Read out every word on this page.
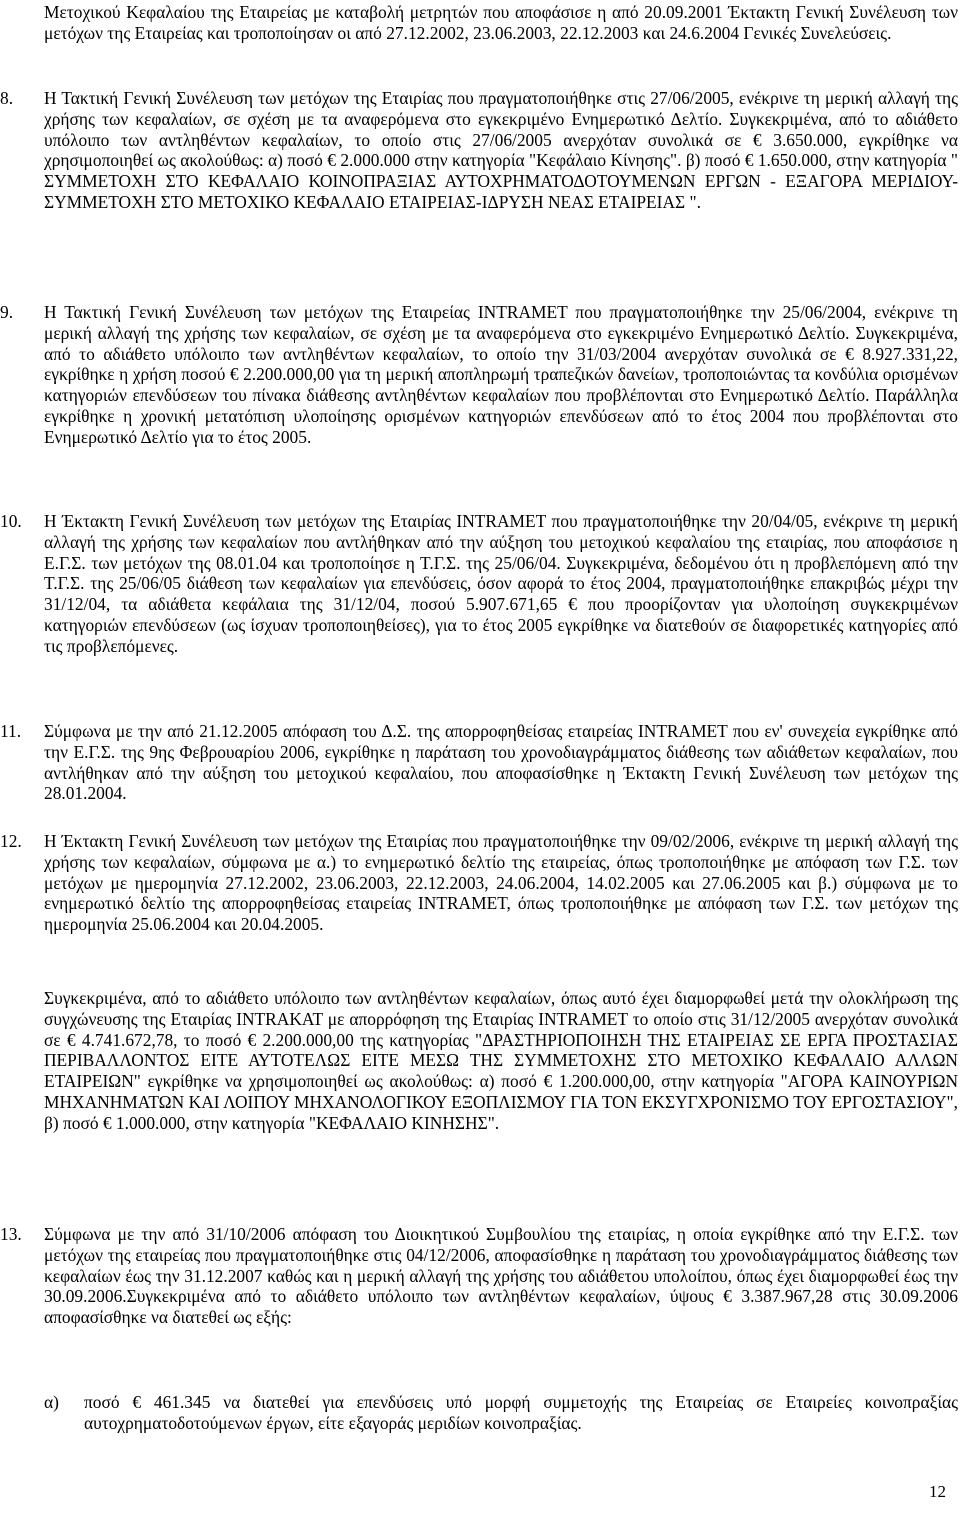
Μετοχικού Κεφαλαίου της Εταιρείας με καταβολή μετρητών που αποφάσισε η από 20.09.2001 Έκτακτη Γενική Συνέλευση των μετόχων της Εταιρείας και τροποποίησαν οι από 27.12.2002, 23.06.2003, 22.12.2003 και 24.6.2004 Γενικές Συνελεύσεις.

8.	Η Τακτική Γενική Συνέλευση των μετόχων της Εταιρίας που πραγματοποιήθηκε στις 27/06/2005, ενέκρινε τη μερική αλλαγή της χρήσης των κεφαλαίων, σε σχέση με τα αναφερόμενα στο εγκεκριμένο Ενημερωτικό Δελτίο. Συγκεκριμένα, από το αδιάθετο υπόλοιπο των αντληθέντων κεφαλαίων, το οποίο στις 27/06/2005 ανερχόταν συνολικά σε € 3.650.000, εγκρίθηκε να χρησιμοποιηθεί ως ακολούθως: α) ποσό € 2.000.000 στην κατηγορία "Κεφάλαιο Κίνησης". β) ποσό € 1.650.000, στην κατηγορία " ΣΥΜΜΕΤΟΧΗ ΣΤΟ ΚΕΦΑΛΑΙΟ ΚΟΙΝΟΠΡΑΞΙΑΣ ΑΥΤΟΧΡΗΜΑΤΟΔΟΤΟΥΜΕΝΩΝ ΕΡΓΩΝ - ΕΞΑΓΟΡΑ ΜΕΡΙΔΙΟΥ-ΣΥΜΜΕΤΟΧΗ ΣΤΟ ΜΕΤΟΧΙΚΟ ΚΕΦΑΛΑΙΟ ΕΤΑΙΡΕΙΑΣ-ΙΔΡΥΣΗ ΝΕΑΣ ΕΤΑΙΡΕΙΑΣ ".

9.	Η Τακτική Γενική Συνέλευση των μετόχων της Εταιρείας INTRAMET που πραγματοποιήθηκε την 25/06/2004, ενέκρινε τη μερική αλλαγή της χρήσης των κεφαλαίων, σε σχέση με τα αναφερόμενα στο εγκεκριμένο Ενημερωτικό Δελτίο. Συγκεκριμένα, από το αδιάθετο υπόλοιπο των αντληθέντων κεφαλαίων, το οποίο την 31/03/2004 ανερχόταν συνολικά σε € 8.927.331,22, εγκρίθηκε η χρήση ποσού € 2.200.000,00 για τη μερική αποπληρωμή τραπεζικών δανείων, τροποποιώντας τα κονδύλια ορισμένων κατηγοριών επενδύσεων του πίνακα διάθεσης αντληθέντων κεφαλαίων που προβλέπονται στο Ενημερωτικό Δελτίο. Παράλληλα εγκρίθηκε η χρονική μετατόπιση υλοποίησης ορισμένων κατηγοριών επενδύσεων από το έτος 2004 που προβλέπονται στο Ενημερωτικό Δελτίο για το έτος 2005.

10.	Η Έκτακτη Γενική Συνέλευση των μετόχων της Εταιρίας INTRAMET που πραγματοποιήθηκε την 20/04/05, ενέκρινε τη μερική αλλαγή της χρήσης των κεφαλαίων που αντλήθηκαν από την αύξηση του μετοχικού κεφαλαίου της εταιρίας, που αποφάσισε η Ε.Γ.Σ. των μετόχων της 08.01.04 και τροποποίησε η Τ.Γ.Σ. της 25/06/04. Συγκεκριμένα, δεδομένου ότι η προβλεπόμενη από την Τ.Γ.Σ. της 25/06/05 διάθεση των κεφαλαίων για επενδύσεις, όσον αφορά το έτος 2004, πραγματοποιήθηκε επακριβώς μέχρι την 31/12/04, τα αδιάθετα κεφάλαια της 31/12/04, ποσού 5.907.671,65 € που προορίζονταν για υλοποίηση συγκεκριμένων κατηγοριών επενδύσεων (ως ίσχυαν τροποποιηθείσες), για το έτος 2005 εγκρίθηκε να διατεθούν σε διαφορετικές κατηγορίες από τις προβλεπόμενες.

11.	Σύμφωνα με την από 21.12.2005 απόφαση του Δ.Σ. της απορροφηθείσας εταιρείας INTRAMET που εν' συνεχεία εγκρίθηκε από την Ε.Γ.Σ. της 9ης Φεβρουαρίου 2006, εγκρίθηκε η παράταση του χρονοδιαγράμματος διάθεσης των αδιάθετων κεφαλαίων, που αντλήθηκαν από την αύξηση του μετοχικού κεφαλαίου, που αποφασίσθηκε η Έκτακτη Γενική Συνέλευση των μετόχων της 28.01.2004.

12.	Η Έκτακτη Γενική Συνέλευση των μετόχων της Εταιρίας που πραγματοποιήθηκε την 09/02/2006, ενέκρινε τη μερική αλλαγή της χρήσης των κεφαλαίων, σύμφωνα με α.) το ενημερωτικό δελτίο της εταιρείας, όπως τροποποιήθηκε με απόφαση των Γ.Σ. των μετόχων με ημερομηνία 27.12.2002, 23.06.2003, 22.12.2003, 24.06.2004, 14.02.2005 και 27.06.2005 και β.) σύμφωνα με το ενημερωτικό δελτίο της απορροφηθείσας εταιρείας INTRAMET, όπως τροποποιήθηκε με απόφαση των Γ.Σ. των μετόχων της ημερομηνία 25.06.2004 και 20.04.2005.

Συγκεκριμένα, από το αδιάθετο υπόλοιπο των αντληθέντων κεφαλαίων, όπως αυτό έχει διαμορφωθεί μετά την ολοκλήρωση της συγχώνευσης της Εταιρίας INTRAKAT με απορρόφηση της Εταιρίας INTRAMET το οποίο στις 31/12/2005 ανερχόταν συνολικά σε € 4.741.672,78, το ποσό € 2.200.000,00 της κατηγορίας "ΔΡΑΣΤΗΡΙΟΠΟΙΗΣΗ ΤΗΣ ΕΤΑΙΡΕΙΑΣ ΣΕ ΕΡΓΑ ΠΡΟΣΤΑΣΙΑΣ ΠΕΡΙΒΑΛΛΟΝΤΟΣ ΕΙΤΕ ΑΥΤΟΤΕΛΩΣ ΕΙΤΕ ΜΕΣΩ ΤΗΣ ΣΥΜΜΕΤΟΧΗΣ ΣΤΟ ΜΕΤΟΧΙΚΟ ΚΕΦΑΛΑΙΟ ΑΛΛΩΝ ΕΤΑΙΡΕΙΩΝ" εγκρίθηκε να χρησιμοποιηθεί ως ακολούθως: α) ποσό € 1.200.000,00, στην κατηγορία "ΑΓΟΡΑ ΚΑΙΝΟΥΡΙΩΝ ΜΗΧΑΝΗΜΑΤΩΝ ΚΑΙ ΛΟΙΠΟΥ ΜΗΧΑΝΟΛΟΓΙΚΟΥ ΕΞΟΠΛΙΣΜΟΥ ΓΙΑ ΤΟΝ ΕΚΣΥΓΧΡΟΝΙΣΜΟ ΤΟΥ ΕΡΓΟΣΤΑΣΙΟΥ", β) ποσό € 1.000.000, στην κατηγορία "ΚΕΦΑΛΑΙΟ ΚΙΝΗΣΗΣ".

13.	Σύμφωνα με την από 31/10/2006 απόφαση του Διοικητικού Συμβουλίου της εταιρίας, η οποία εγκρίθηκε από την Ε.Γ.Σ. των μετόχων της εταιρείας που πραγματοποιήθηκε στις 04/12/2006, αποφασίσθηκε η παράταση του χρονοδιαγράμματος διάθεσης των κεφαλαίων έως την 31.12.2007 καθώς και η μερική αλλαγή της χρήσης του αδιάθετου υπολοίπου, όπως έχει διαμορφωθεί έως την 30.09.2006.Συγκεκριμένα από το αδιάθετο υπόλοιπο των αντληθέντων κεφαλαίων, ύψους € 3.387.967,28 στις 30.09.2006 αποφασίσθηκε να διατεθεί ως εξής:

α)	ποσό € 461.345 να διατεθεί για επενδύσεις υπό μορφή συμμετοχής της Εταιρείας σε Εταιρείες κοινοπραξίας αυτοχρηματοδοτούμενων έργων, είτε εξαγοράς μεριδίων κοινοπραξίας.

12
